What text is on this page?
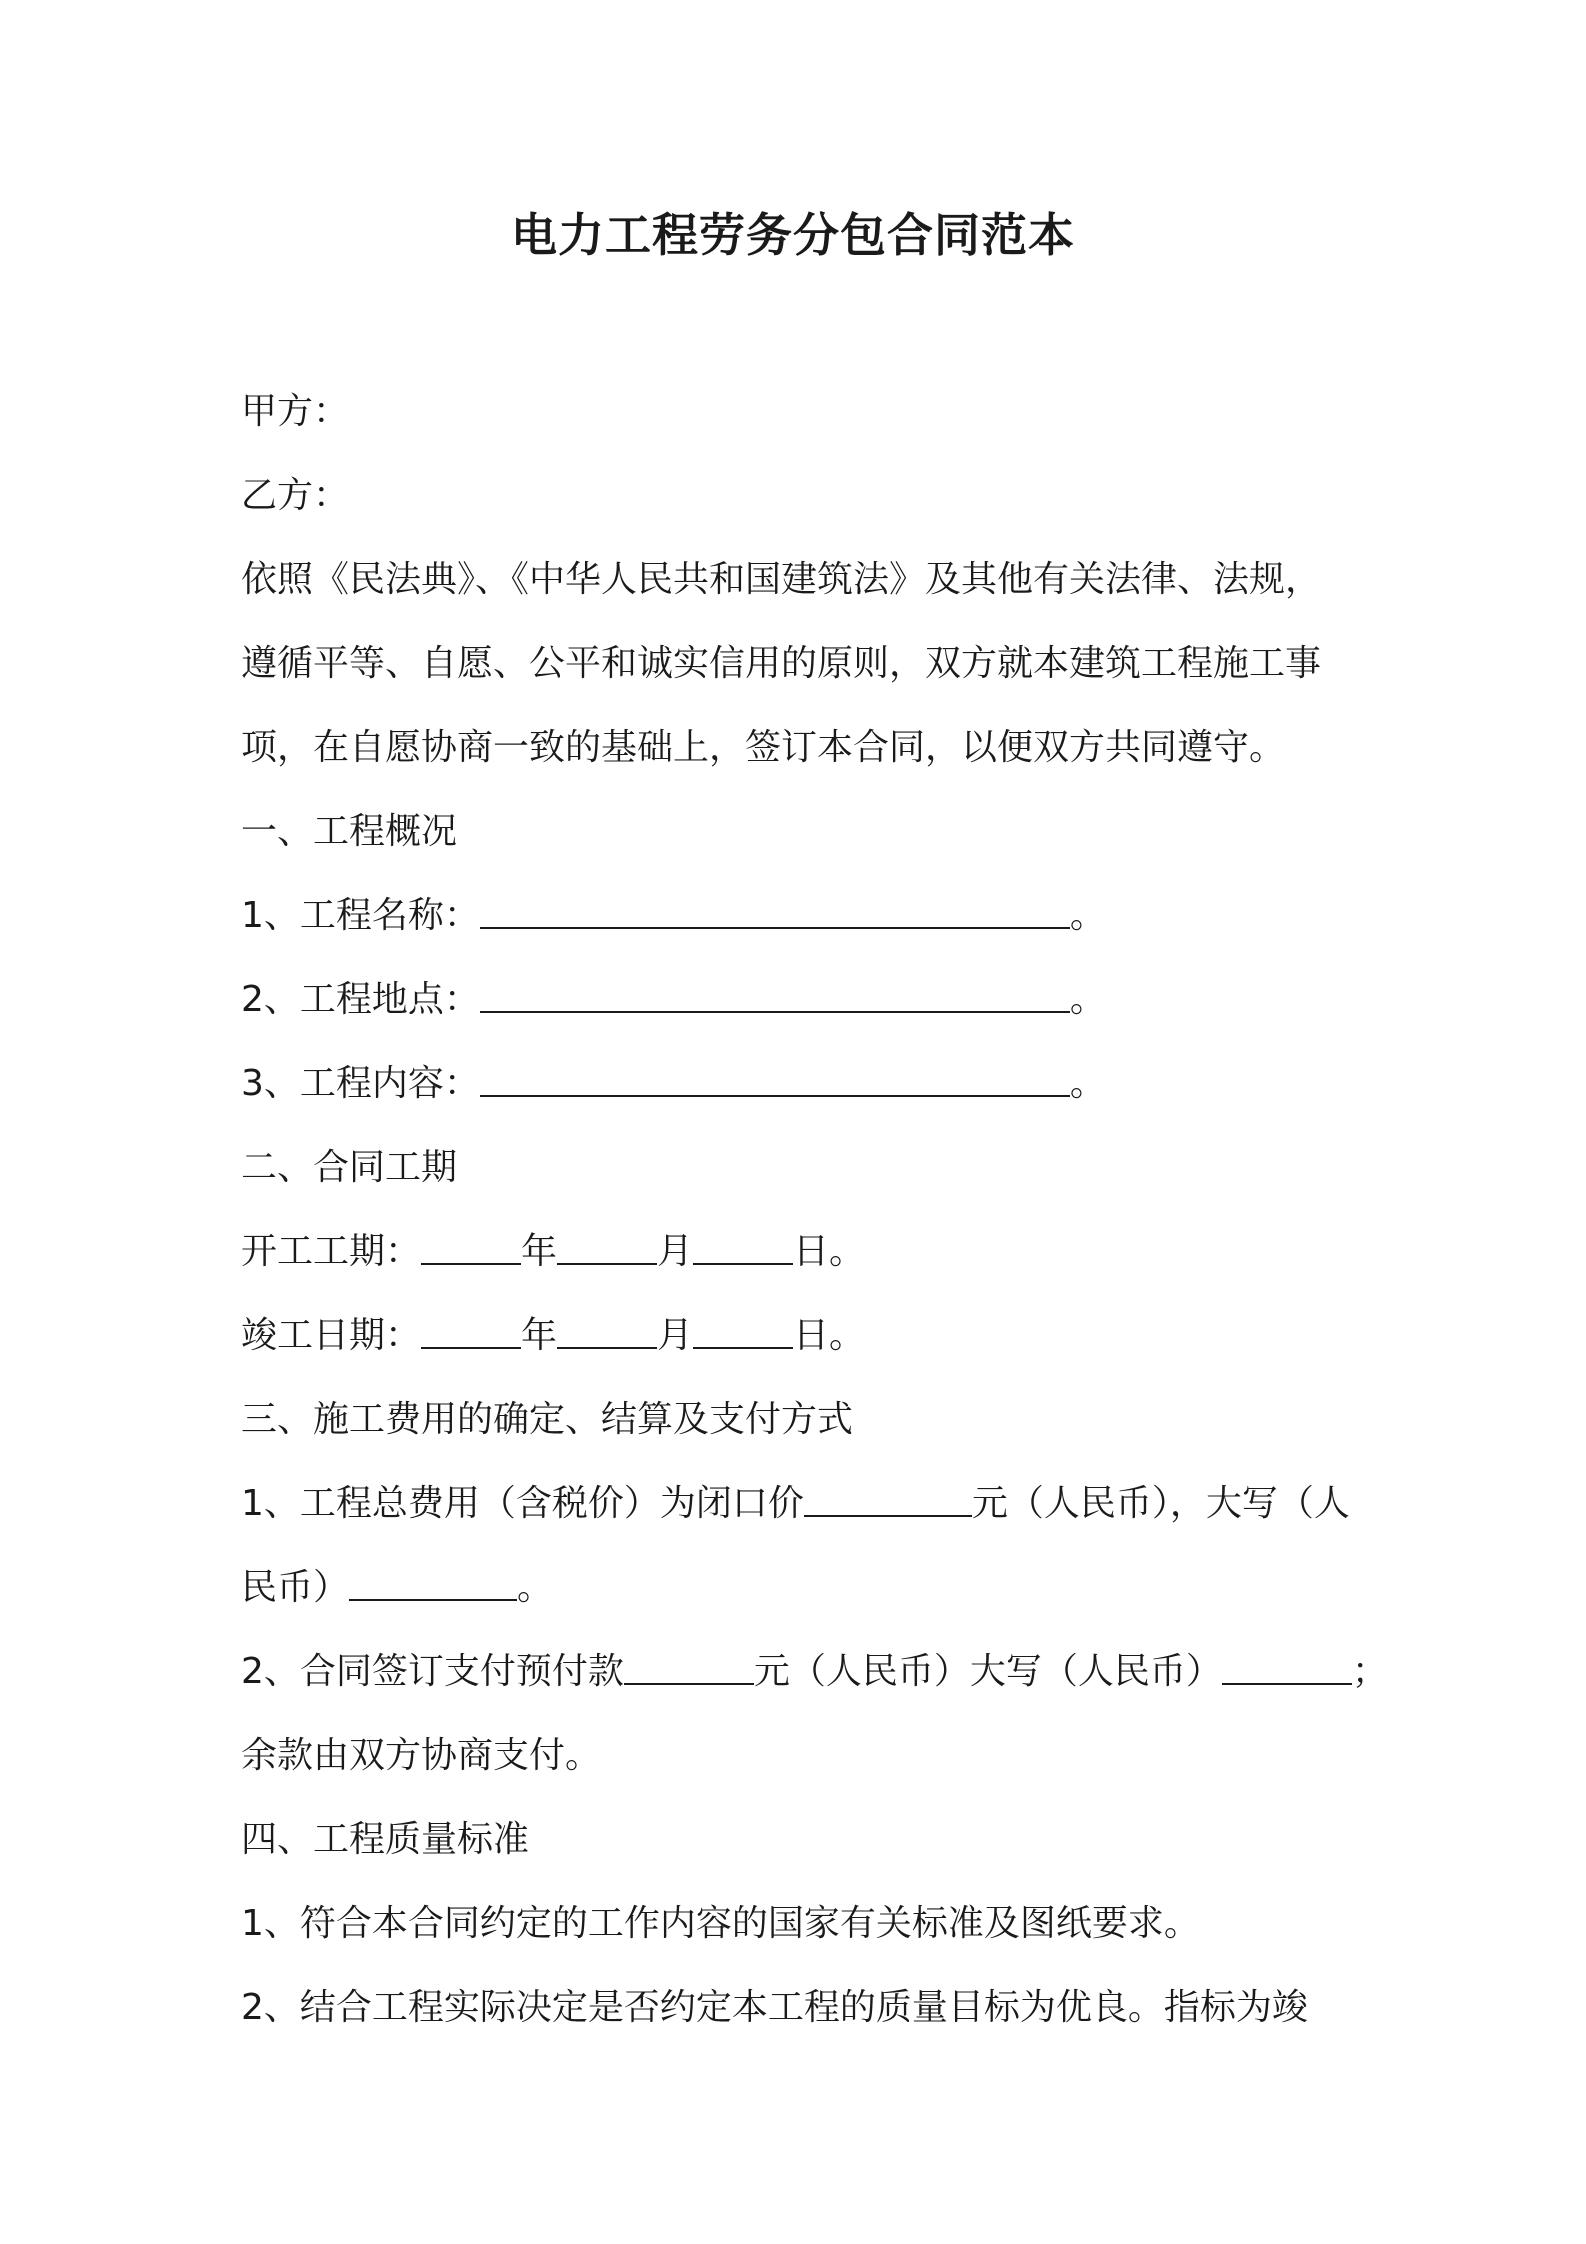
电力工程劳务分包合同范本
甲方：
乙方：
依照《民法典》、《中华人民共和国建筑法》及其他有关法律、法规，
遵循平等、自愿、公平和诚实信用的原则，双方就本建筑工程施工事
项，在自愿协商一致的基础上，签订本合同，以便双方共同遵守。
一、工程概况
1、工程名称：	。
2、工程地点：	。
3、工程内容：	。
二、合同工期
开工工期：	年	月	日。
竣工日期：	年	月	日。
三、施工费用的确定、结算及支付方式
1、工程总费用（含税价）为闭口价	元（人民币），大写（人
民币）	。
2、合同签订支付预付款	元（人民币）大写（人民币）	；
余款由双方协商支付。
四、工程质量标准
1、符合本合同约定的工作内容的国家有关标准及图纸要求。
2、结合工程实际决定是否约定本工程的质量目标为优良。指标为竣
